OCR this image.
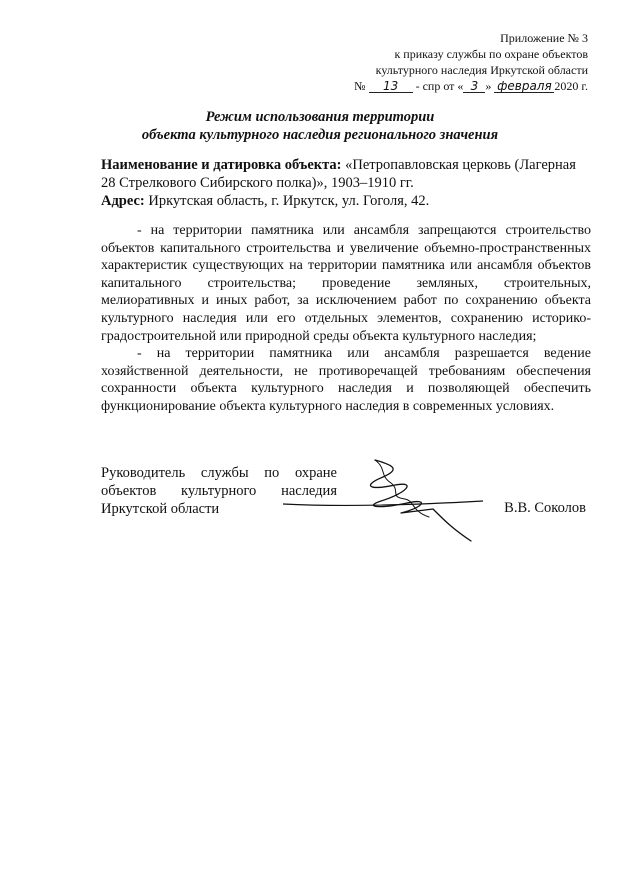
Приложение № 3
к приказу службы по охране объектов
культурного наследия Иркутской области
№ 13 - спр от « 3 » февраля 2020 г.
Режим использования территории
объекта культурного наследия регионального значения
Наименование и датировка объекта: «Петропавловская церковь (Лагерная 28 Стрелкового Сибирского полка)», 1903–1910 гг.
Адрес: Иркутская область, г. Иркутск, ул. Гоголя, 42.

- на территории памятника или ансамбля запрещаются строительство объектов капитального строительства и увеличение объемно-пространственных характеристик существующих на территории памятника или ансамбля объектов капитального строительства; проведение земляных, строительных, мелиоративных и иных работ, за исключением работ по сохранению объекта культурного наследия или его отдельных элементов, сохранению историко-градостроительной или природной среды объекта культурного наследия;

- на территории памятника или ансамбля разрешается ведение хозяйственной деятельности, не противоречащей требованиям обеспечения сохранности объекта культурного наследия и позволяющей обеспечить функционирование объекта культурного наследия в современных условиях.

Руководитель службы по охране
объектов культурного наследия
Иркутской области	В.В. Соколов
